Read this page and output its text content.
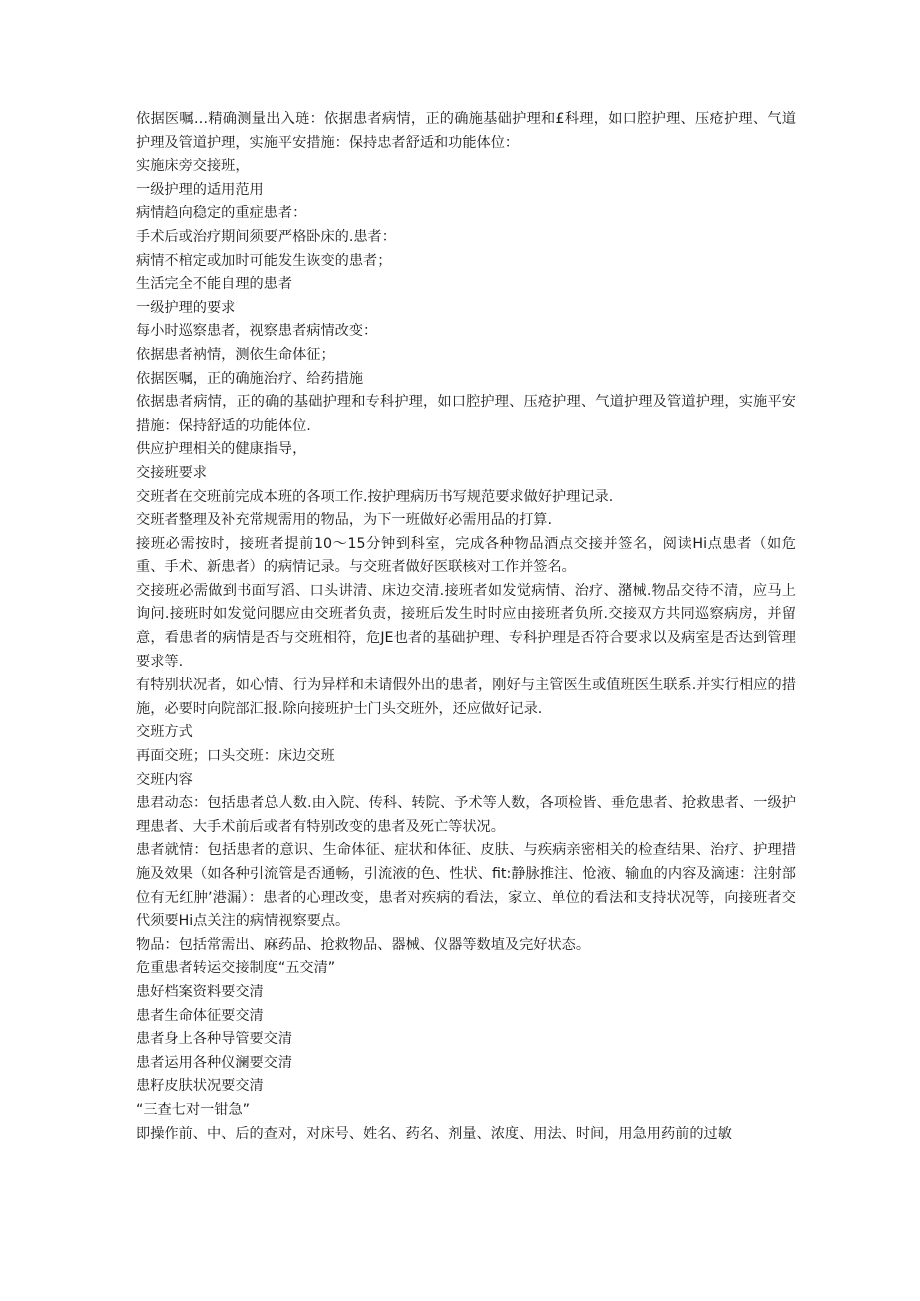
依据医嘱…精确测量出入琏：依据患者病情，正的确施基础护理和£科理，如口腔护理、压疮护理、气道护理及管道护理，实施平安措施：保持忠者舒适和功能体位：

实施床旁交接班，

一级护理的适用范用

病情趋向稳定的重症患者：

手术后或治疗期间须要严格卧床的.患者：

病情不棺定或加时可能发生诙变的患者；

生活完全不能自理的患者

一级护理的要求

每小时巡察患者，视察患者病情改变：

依据患者衲情，测依生命体征；

依据医嘱，正的确施治疗、给药措施

依据患者病情，正的确的基础护理和专科护理，如口腔护理、压疮护理、气道护理及管道护理，实施平安措施：保持舒适的功能体位.

供应护理相关的健康指导，

交接班要求

交班者在交班前完成本班的各项工作.按护理病历书写规范要求做好护理记录.

交班者整理及补充常规需用的物品，为下一班做好必需用品的打算.

接班必需按时，接班者提前10〜15分钟到科室，完成各种物品酒点交接并签名，阅读Hi点患者（如危重、手术、新患者）的病情记录。与交班者做好医联核对工作并签名。

交接班必需做到书面写滔、口头讲清、床边交清.接班者如发觉病情、治疗、潴械.物品交待不清，应马上询问.接班时如发觉问腮应由交班者负责，接班后发生时时应由接班者负所.交接双方共同巡察病房，并留意，看患者的病情是否与交班相符，危JE也者的基础护理、专科护理是否符合要求以及病室是否达到管理要求等.

有特别状况者，如心情、行为异样和未请假外出的患者，刚好与主管医生或值班医生联系.并实行相应的措施，必要时向院部汇报.除向接班护士门头交班外，还应做好记录.

交班方式

再面交班；口头交班：床边交班

交班内容

患君动态：包括患者总人数.由入院、传科、转院、予术等人数，各项检皆、垂危患者、抢救患者、一级护理患者、大手术前后或者有特别改变的患者及死亡等状况。

患者就情：包括患者的意识、生命体征、症状和体征、皮肤、与疾病亲密相关的检查结果、治疗、护理措施及效果（如各种引流管是否通畅，引流液的色、性状、fit:静脉推注、怆液、输血的内容及滴速：注射部位有无红肿’港漏）：患者的心理改变，患者对疾病的看法，家立、单位的看法和支持状况等，向接班者交代须要Hi点关注的病情视察要点。

物品：包括常需出、麻药品、抢救物品、器械、仪器等数埴及完好状态。

危重患者转运交接制度“五交清”

患好档案资料要交清

患者生命体征要交清

患者身上各种导管要交清

患者运用各种仪澜要交清

患籽皮肤状况要交清

“三查七对一钳急”

即操作前、中、后的查对，对床号、姓名、药名、剂量、浓度、用法、时间，用急用药前的过敏
